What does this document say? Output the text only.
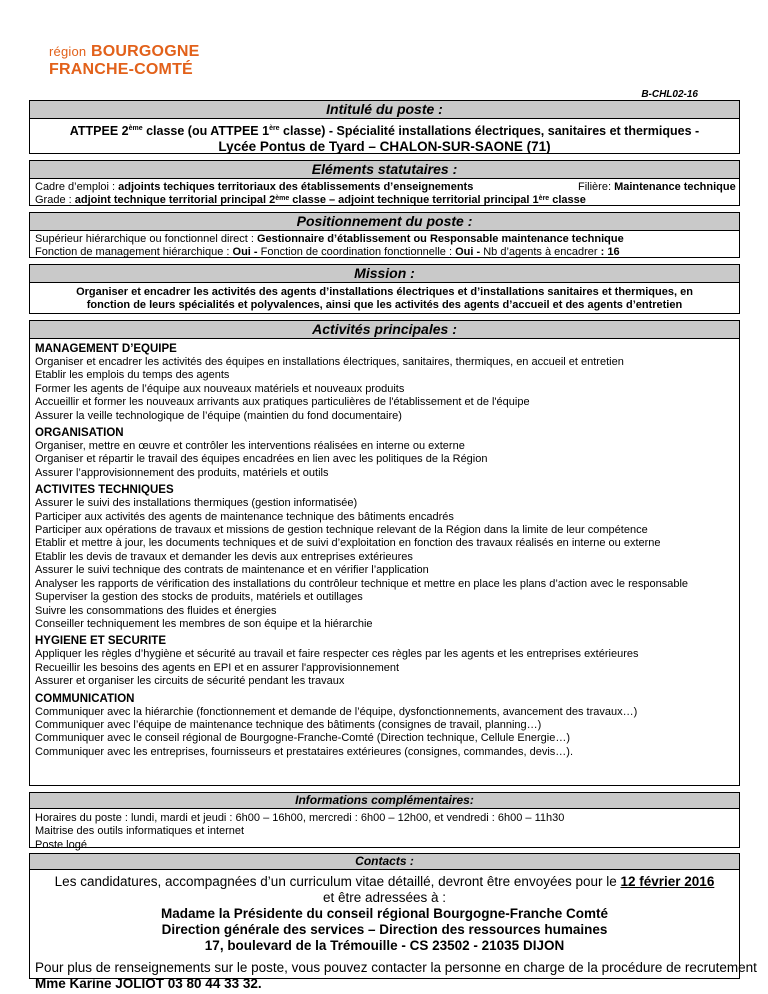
région BOURGOGNE
FRANCHE-COMTÉ
B-CHL02-16
Intitulé du poste :
ATTPEE 2ème classe (ou ATTPEE 1ère classe) - Spécialité installations électriques, sanitaires et thermiques -
Lycée Pontus de Tyard – CHALON-SUR-SAONE (71)
Eléments statutaires :
Cadre d’emploi : adjoints techiques territoriaux des établissements d’enseignements	Filière: Maintenance technique
Grade : adjoint technique territorial principal 2ème classe – adjoint technique territorial principal 1ère classe
Positionnement du poste :
Supérieur hiérarchique ou fonctionnel direct : Gestionnaire d’établissement ou Responsable maintenance technique
Fonction de management hiérarchique : Oui - Fonction de coordination fonctionnelle : Oui - Nb d’agents à encadrer : 16
Mission :
Organiser et encadrer les activités des agents d’installations électriques et d’installations sanitaires et thermiques, en
fonction de leurs spécialités et polyvalences, ainsi que les activités des agents d’accueil et des agents d’entretien
Activités principales :
MANAGEMENT D’EQUIPE
Organiser et encadrer les activités des équipes en installations électriques, sanitaires, thermiques, en accueil et entretien
Etablir les emplois du temps des agents
Former les agents de l’équipe aux nouveaux matériels et nouveaux produits
Accueillir et former les nouveaux arrivants aux pratiques particulières de l'établissement et de l'équipe
Assurer la veille technologique de l’équipe (maintien du fond documentaire)
ORGANISATION
Organiser, mettre en œuvre et contrôler les interventions réalisées en interne ou externe
Organiser et répartir le travail des équipes encadrées en lien avec les politiques de la Région
Assurer l’approvisionnement des produits, matériels et outils
ACTIVITES TECHNIQUES
Assurer le suivi des installations thermiques (gestion informatisée)
Participer aux activités des agents de maintenance technique des bâtiments encadrés
Participer aux opérations de travaux et missions de gestion technique relevant de la Région dans la limite de leur compétence
Etablir et mettre à jour, les documents techniques et de suivi d’exploitation en fonction des travaux réalisés en interne ou externe
Etablir les devis de travaux et demander les devis aux entreprises extérieures
Assurer le suivi technique des contrats de maintenance et en vérifier l’application
Analyser les rapports de vérification des installations du contrôleur technique et mettre en place les plans d’action avec le responsable
Superviser la gestion des stocks de produits, matériels et outillages
Suivre les consommations des fluides et énergies
Conseiller techniquement les membres de son équipe et la hiérarchie
HYGIENE ET SECURITE
Appliquer les règles d’hygiène et sécurité au travail et faire respecter ces règles par les agents et les entreprises extérieures
Recueillir les besoins des agents en EPI et en assurer l'approvisionnement
Assurer et organiser les circuits de sécurité pendant les travaux
COMMUNICATION
Communiquer avec la hiérarchie (fonctionnement et demande de l’équipe, dysfonctionnements, avancement des travaux…)
Communiquer avec l’équipe de maintenance technique des bâtiments (consignes de travail, planning…)
Communiquer avec le conseil régional de Bourgogne-Franche-Comté (Direction technique, Cellule Energie…)
Communiquer avec les entreprises, fournisseurs et prestataires extérieures (consignes, commandes, devis…).
Informations complémentaires:
Horaires du poste : lundi, mardi et jeudi : 6h00 – 16h00, mercredi : 6h00 – 12h00, et vendredi : 6h00 – 11h30
Maitrise des outils informatiques et internet
Poste logé
Contacts :
Les candidatures, accompagnées d’un curriculum vitae détaillé, devront être envoyées pour le 12 février 2016
et être adressées à :
Madame la Présidente du conseil régional Bourgogne-Franche Comté
Direction générale des services – Direction des ressources humaines
17, boulevard de la Trémouille - CS 23502 - 21035 DIJON
Pour plus de renseignements sur le poste, vous pouvez contacter la personne en charge de la procédure de recrutement
Mme Karine JOLIOT 03 80 44 33 32.
